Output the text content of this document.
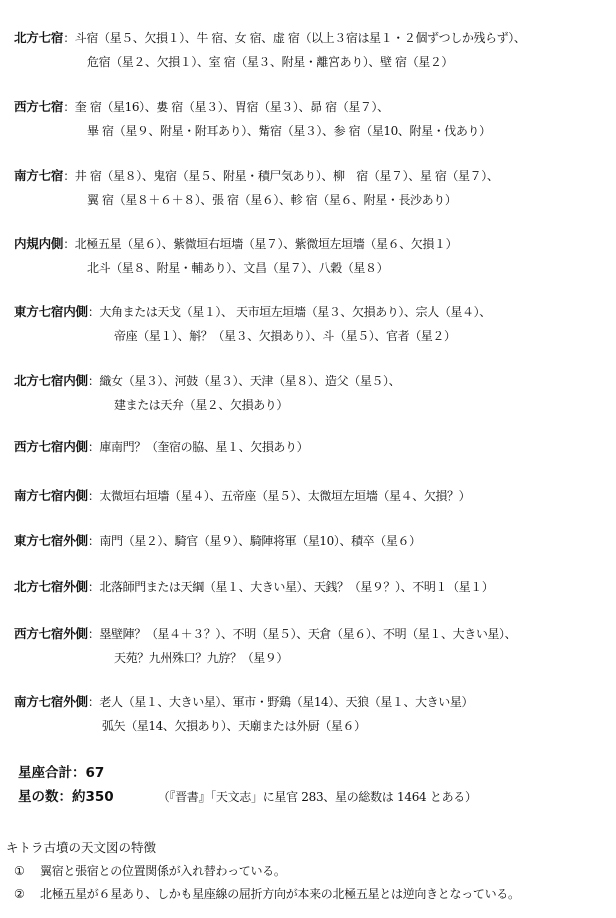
北方七宿 ：斗宿（星５、欠損１）、牛 宿、女 宿、虚 宿（以上３宿は星１・２個ずつしか残らず）、
危宿（星２、欠損１）、室 宿（星３、附星・離宮あり）、壁 宿（星２）
西方七宿 ：奎 宿（星16）、婁 宿（星３）、胃宿（星３）、昴 宿（星７）、
畢 宿（星９、附星・附耳あり）、觜宿（星３）、参 宿（星10、附星・伐あり）
南方七宿 ：井 宿（星８）、鬼宿（星５、附星・積尸気あり）、柳　宿（星７）、星 宿（星７）、
翼 宿（星８＋６＋８）、張 宿（星６）、軫 宿（星６、附星・長沙あり）
内規内側 ：北極五星（星６）、紫微垣右垣墻（星７）、紫微垣左垣墻（星６、欠損１）
北斗（星８、附星・輔あり）、文昌（星７）、八穀（星８）
東方七宿内側 ：大角または天戈（星１）、 天市垣左垣墻（星３、欠損あり）、宗人（星４）、
帝座（星１）、斛？（星３、欠損あり）、斗（星５）、官者（星２）
北方七宿内側 ：織女（星３）、河鼓（星３）、天津（星８）、造父（星５）、
建または天弁（星２、欠損あり）
西方七宿内側 ：庫南門？（奎宿の脇、星１、欠損あり）
南方七宿内側 ：太微垣右垣墻（星４）、五帝座（星５）、太微垣左垣墻（星４、欠損？）
東方七宿外側 ：南門（星２）、騎官（星９）、騎陣将軍（星10）、積卒（星６）
北方七宿外側 ：北落師門または天綱（星１、大きい星）、天銭？（星９？）、不明１（星１）
西方七宿外側 ：塁壁陣？（星４＋３？）、不明（星５）、天倉（星６）、不明（星１、大きい星）、
天苑？九州殊口？九斿？（星９）
南方七宿外側 ：老人（星１、大きい星）、軍市・野鶏（星14）、天狼（星１、大きい星）
弧矢（星14、欠損あり）、天廟または外厨（星６）
星座合計：67
星の数：約350	（『晋書』「天文志」に星官 283、星の総数は 1464 とある）
キトラ古墳の天文図の特徴
① 翼宿と張宿との位置関係が入れ替わっている。
② 北極五星が６星あり、しかも星座線の屈折方向が本来の北極五星とは逆向きとなっている。
